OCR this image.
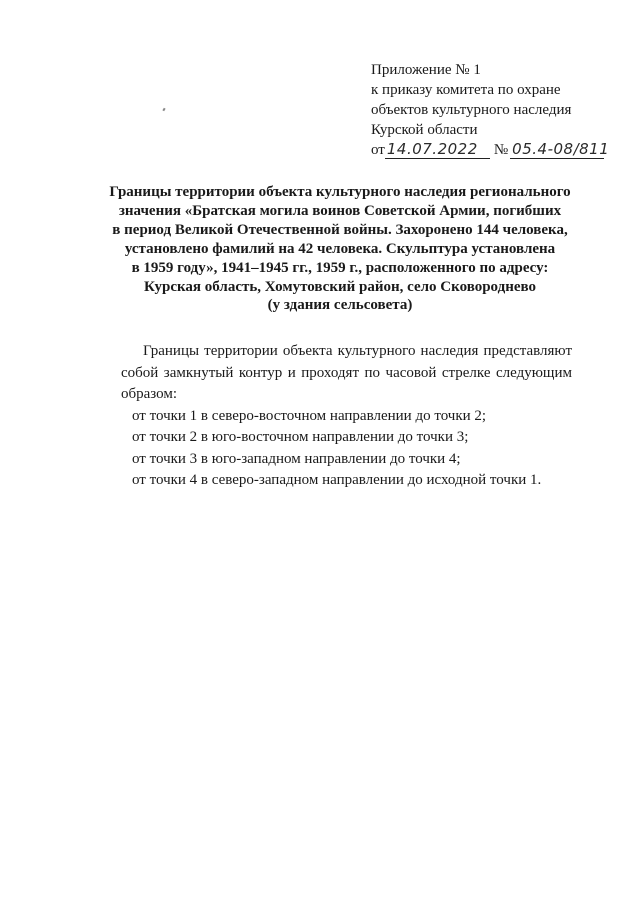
Приложение № 1
к приказу комитета по охране
объектов культурного наследия
Курской области
от 14.07.2022 № 05.4-08/811
Границы территории объекта культурного наследия регионального
значения «Братская могила воинов Советской Армии, погибших
в период Великой Отечественной войны. Захоронено 144 человека,
установлено фамилий на 42 человека. Скульптура установлена
в 1959 году», 1941–1945 гг., 1959 г., расположенного по адресу:
Курская область, Хомутовский район, село Сковороднево
(у здания сельсовета)

Границы территории объекта культурного наследия представляют собой замкнутый контур и проходят по часовой стрелке следующим образом:

от точки 1 в северо-восточном направлении до точки 2;
от точки 2 в юго-восточном направлении до точки 3;
от точки 3 в юго-западном направлении до точки 4;
от точки 4 в северо-западном направлении до исходной точки 1.
